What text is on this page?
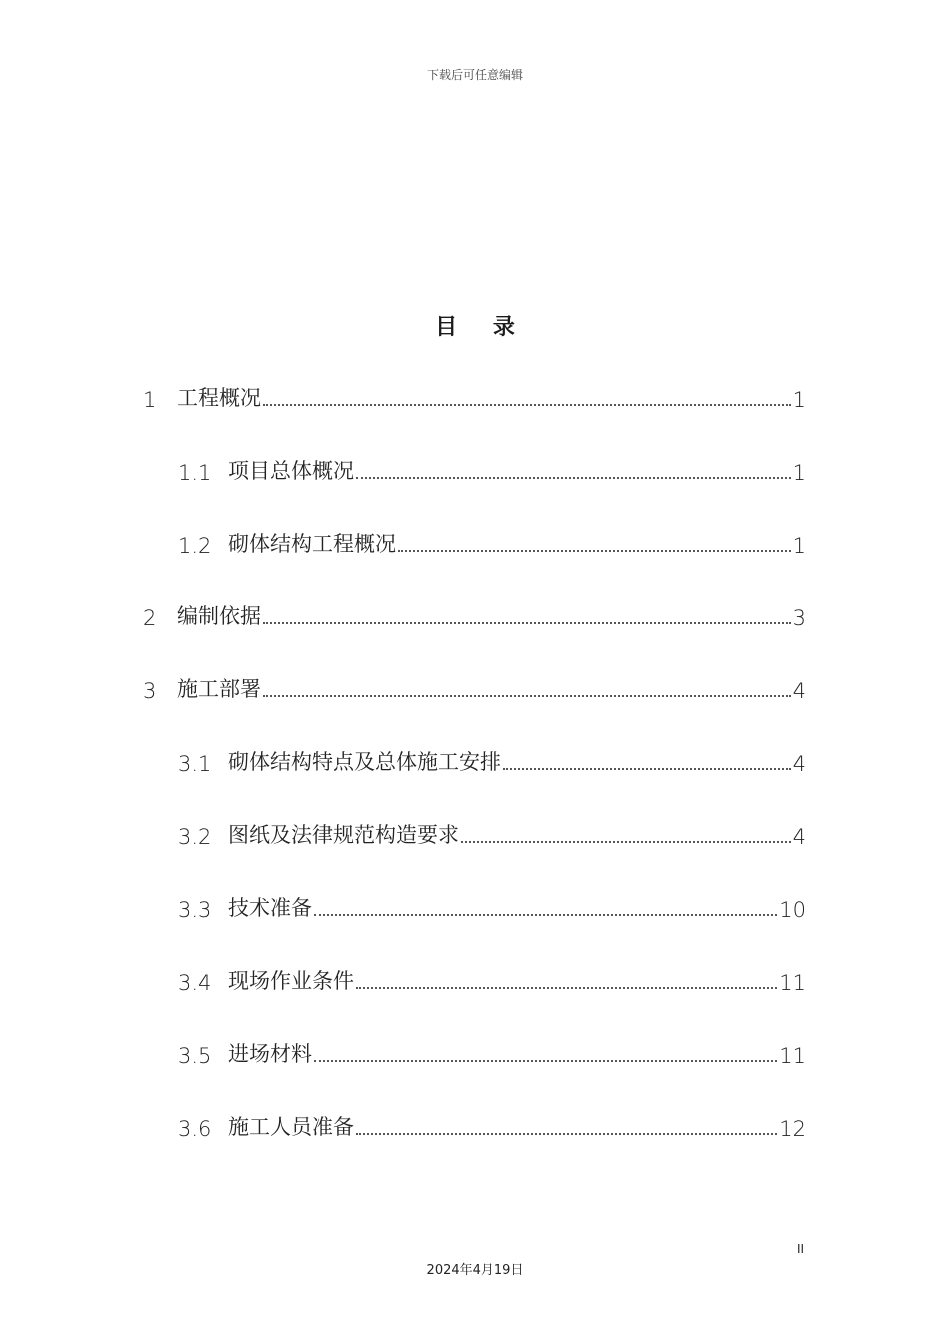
下载后可任意编辑
目 录
1 工程概况	1
1.1 项目总体概况	1
1.2 砌体结构工程概况	1
2 编制依据	3
3 施工部署	4
3.1 砌体结构特点及总体施工安排	4
3.2 图纸及法律规范构造要求	4
3.3 技术准备	10
3.4 现场作业条件	11
3.5 进场材料	11
3.6 施工人员准备	12
II
2024年4月19日
